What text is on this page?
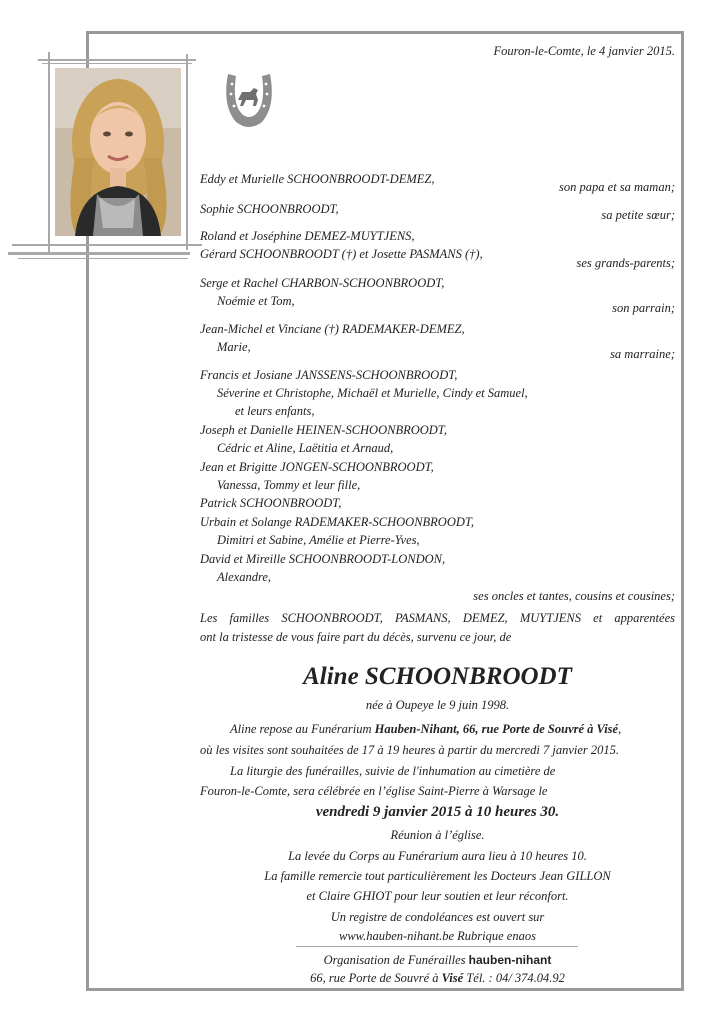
Fouron-le-Comte, le 4 janvier 2015.
Eddy et Murielle SCHOONBROODT-DEMEZ,
son papa et sa maman;
Sophie SCHOONBROODT,	sa petite sœur;
Roland et Joséphine DEMEZ-MUYTJENS,
Gérard SCHOONBROODT (†) et Josette PASMANS (†),
ses grands-parents;
Serge et Rachel CHARBON-SCHOONBROODT,
Noémie et Tom,	son parrain;
Jean-Michel et Vinciane (†) RADEMAKER-DEMEZ,
Marie,	sa marraine;
Francis et Josiane JANSSENS-SCHOONBROODT,
Séverine et Christophe, Michaël et Murielle, Cindy et Samuel,
et leurs enfants,
Joseph et Danielle HEINEN-SCHOONBROODT,
Cédric et Aline, Laëtitia et Arnaud,
Jean et Brigitte JONGEN-SCHOONBROODT,
Vanessa, Tommy et leur fille,
Patrick SCHOONBROODT,
Urbain et Solange RADEMAKER-SCHOONBROODT,
Dimitri et Sabine, Amélie et Pierre-Yves,
David et Mireille SCHOONBROODT-LONDON,
Alexandre,
ses oncles et tantes, cousins et cousines;
Les familles SCHOONBROODT, PASMANS, DEMEZ, MUYTJENS et apparentées
ont la tristesse de vous faire part du décès, survenu ce jour, de
Aline SCHOONBROODT
née à Oupeye le 9 juin 1998.
Aline repose au Funérarium Hauben-Nihant, 66, rue Porte de Souvré à Visé,
où les visites sont souhaitées de 17 à 19 heures à partir du mercredi 7 janvier 2015.
La liturgie des funérailles, suivie de l'inhumation au cimetière de
Fouron-le-Comte, sera célébrée en l’église Saint-Pierre à Warsage le
vendredi 9 janvier 2015 à 10 heures 30.
Réunion à l’église.
La levée du Corps au Funérarium aura lieu à 10 heures 10.
La famille remercie tout particulièrement les Docteurs Jean GILLON
et Claire GHIOT pour leur soutien et leur réconfort.
Un registre de condoléances est ouvert sur
www.hauben-nihant.be Rubrique enaos
Organisation de Funérailles hauben-nihant
66, rue Porte de Souvré à Visé Tél. : 04/ 374.04.92
